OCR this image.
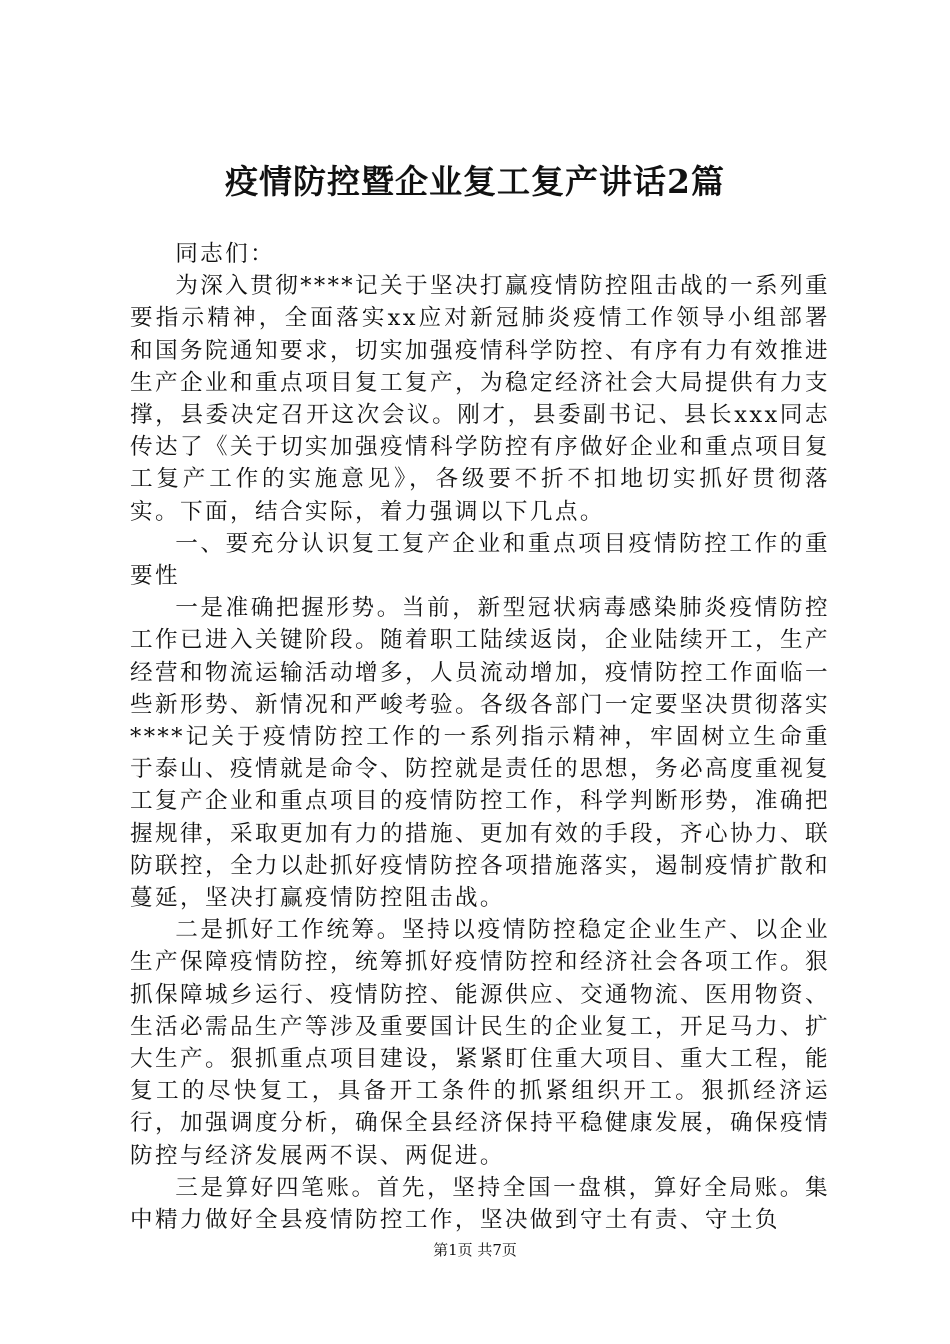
疫情防控暨企业复工复产讲话2篇

同志们：

为深入贯彻****记关于坚决打赢疫情防控阻击战的一系列重要指示精神，全面落实xx应对新冠肺炎疫情工作领导小组部署和国务院通知要求，切实加强疫情科学防控、有序有力有效推进生产企业和重点项目复工复产，为稳定经济社会大局提供有力支撑，县委决定召开这次会议。刚才，县委副书记、县长xxx同志传达了《关于切实加强疫情科学防控有序做好企业和重点项目复工复产工作的实施意见》，各级要不折不扣地切实抓好贯彻落实。下面，结合实际，着力强调以下几点。

一、要充分认识复工复产企业和重点项目疫情防控工作的重要性

一是准确把握形势。当前，新型冠状病毒感染肺炎疫情防控工作已进入关键阶段。随着职工陆续返岗，企业陆续开工，生产经营和物流运输活动增多，人员流动增加，疫情防控工作面临一些新形势、新情况和严峻考验。各级各部门一定要坚决贯彻落实****记关于疫情防控工作的一系列指示精神，牢固树立生命重于泰山、疫情就是命令、防控就是责任的思想，务必高度重视复工复产企业和重点项目的疫情防控工作，科学判断形势，准确把握规律，采取更加有力的措施、更加有效的手段，齐心协力、联防联控，全力以赴抓好疫情防控各项措施落实，遏制疫情扩散和蔓延，坚决打赢疫情防控阻击战。

二是抓好工作统筹。坚持以疫情防控稳定企业生产、以企业生产保障疫情防控，统筹抓好疫情防控和经济社会各项工作。狠抓保障城乡运行、疫情防控、能源供应、交通物流、医用物资、生活必需品生产等涉及重要国计民生的企业复工，开足马力、扩大生产。狠抓重点项目建设，紧紧盯住重大项目、重大工程，能复工的尽快复工，具备开工条件的抓紧组织开工。狠抓经济运行，加强调度分析，确保全县经济保持平稳健康发展，确保疫情防控与经济发展两不误、两促进。

三是算好四笔账。首先，坚持全国一盘棋，算好全局账。集中精力做好全县疫情防控工作，坚决做到守土有责、守土负

第1页 共7页
